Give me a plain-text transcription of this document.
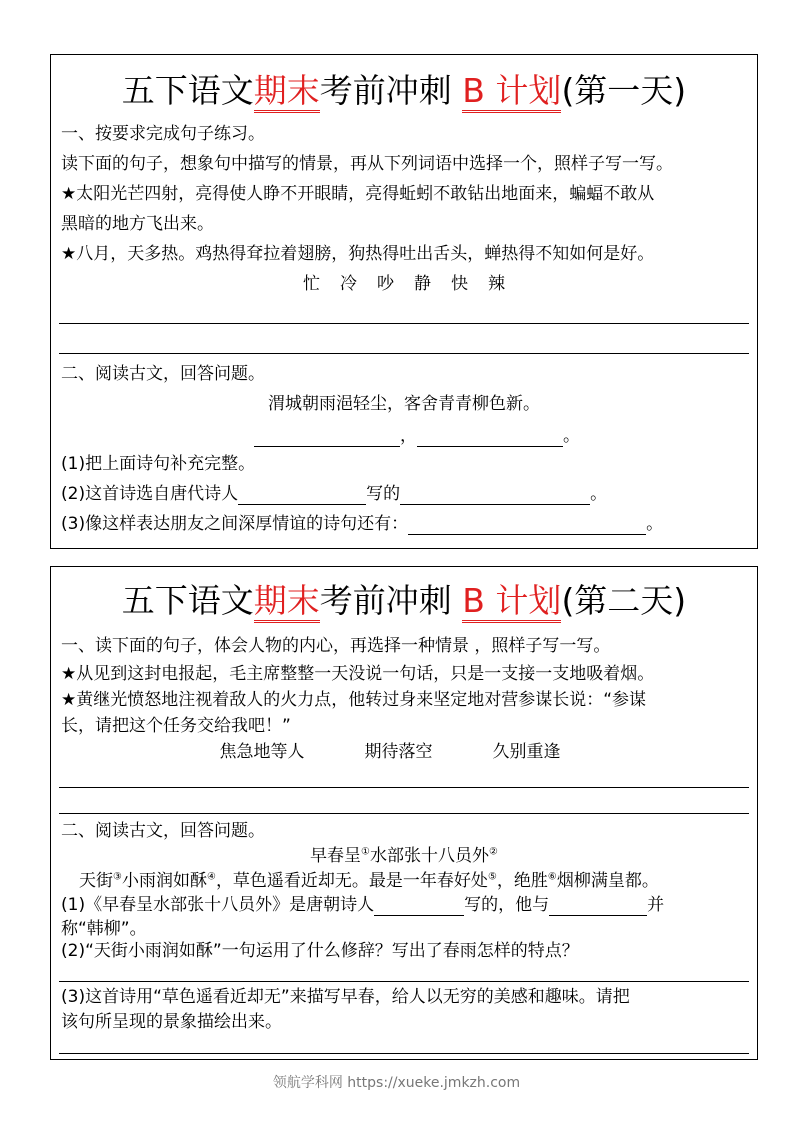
五下语文期末考前冲刺 B 计划(第一天)
一、按要求完成句子练习。
读下面的句子，想象句中描写的情景，再从下列词语中选择一个，照样子写一写。
★太阳光芒四射，亮得使人睁不开眼睛，亮得蚯蚓不敢钻出地面来，蝙蝠不敢从
黑暗的地方飞出来。
★八月，天多热。鸡热得耷拉着翅膀，狗热得吐出舌头，蝉热得不知如何是好。
忙 冷 吵 静 快 辣
二、阅读古文，回答问题。
渭城朝雨浥轻尘，客舍青青柳色新。
，	。
(1)把上面诗句补充完整。
(2)这首诗选自唐代诗人	写的	。
(3)像这样表达朋友之间深厚情谊的诗句还有：	。
五下语文期末考前冲刺 B 计划(第二天)
一、读下面的句子，体会人物的内心，再选择一种情景 ，照样子写一写。
★从见到这封电报起，毛主席整整一天没说一句话，只是一支接一支地吸着烟。
★黄继光愤怒地注视着敌人的火力点，他转过身来坚定地对营参谋长说：“参谋
长，请把这个任务交给我吧！”
焦急地等人	期待落空	久别重逢
二、阅读古文，回答问题。
早春呈①水部张十八员外②
天街③小雨润如酥④，草色遥看近却无。最是一年春好处⑤，绝胜⑥烟柳满皇都。
(1)《早春呈水部张十八员外》是唐朝诗人	写的，他与	并
称“韩柳”。
(2)“天街小雨润如酥”一句运用了什么修辞？写出了春雨怎样的特点？
(3)这首诗用“草色遥看近却无”来描写早春，给人以无穷的美感和趣味。请把
该句所呈现的景象描绘出来。
领航学科网 https://xueke.jmkzh.com
